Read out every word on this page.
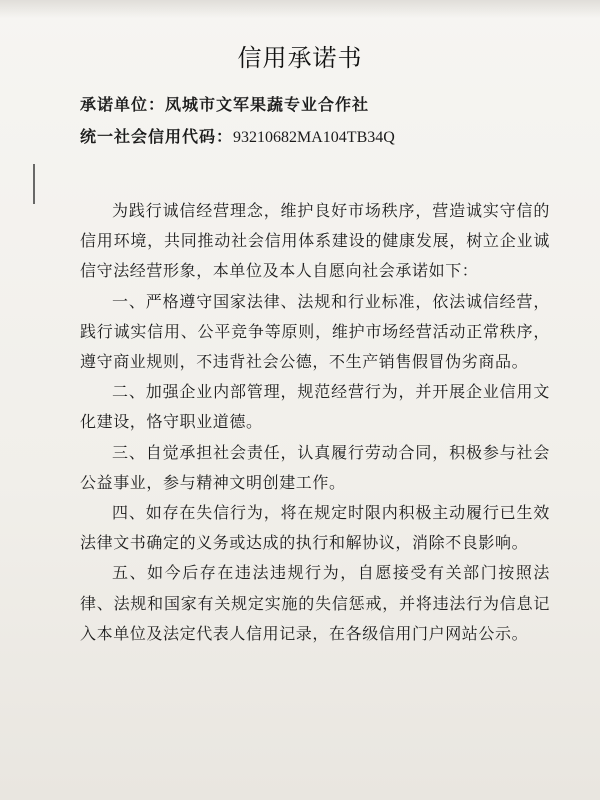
信用承诺书
承诺单位：凤城市文军果蔬专业合作社
统一社会信用代码：93210682MA104TB34Q

为践行诚信经营理念，维护良好市场秩序，营造诚实守信的信用环境，共同推动社会信用体系建设的健康发展，树立企业诚信守法经营形象，本单位及本人自愿向社会承诺如下：

一、严格遵守国家法律、法规和行业标准，依法诚信经营，践行诚实信用、公平竞争等原则，维护市场经营活动正常秩序，遵守商业规则，不违背社会公德，不生产销售假冒伪劣商品。

二、加强企业内部管理，规范经营行为，并开展企业信用文化建设，恪守职业道德。

三、自觉承担社会责任，认真履行劳动合同，积极参与社会公益事业，参与精神文明创建工作。

四、如存在失信行为，将在规定时限内积极主动履行已生效法律文书确定的义务或达成的执行和解协议，消除不良影响。

五、如今后存在违法违规行为，自愿接受有关部门按照法律、法规和国家有关规定实施的失信惩戒，并将违法行为信息记入本单位及法定代表人信用记录，在各级信用门户网站公示。
